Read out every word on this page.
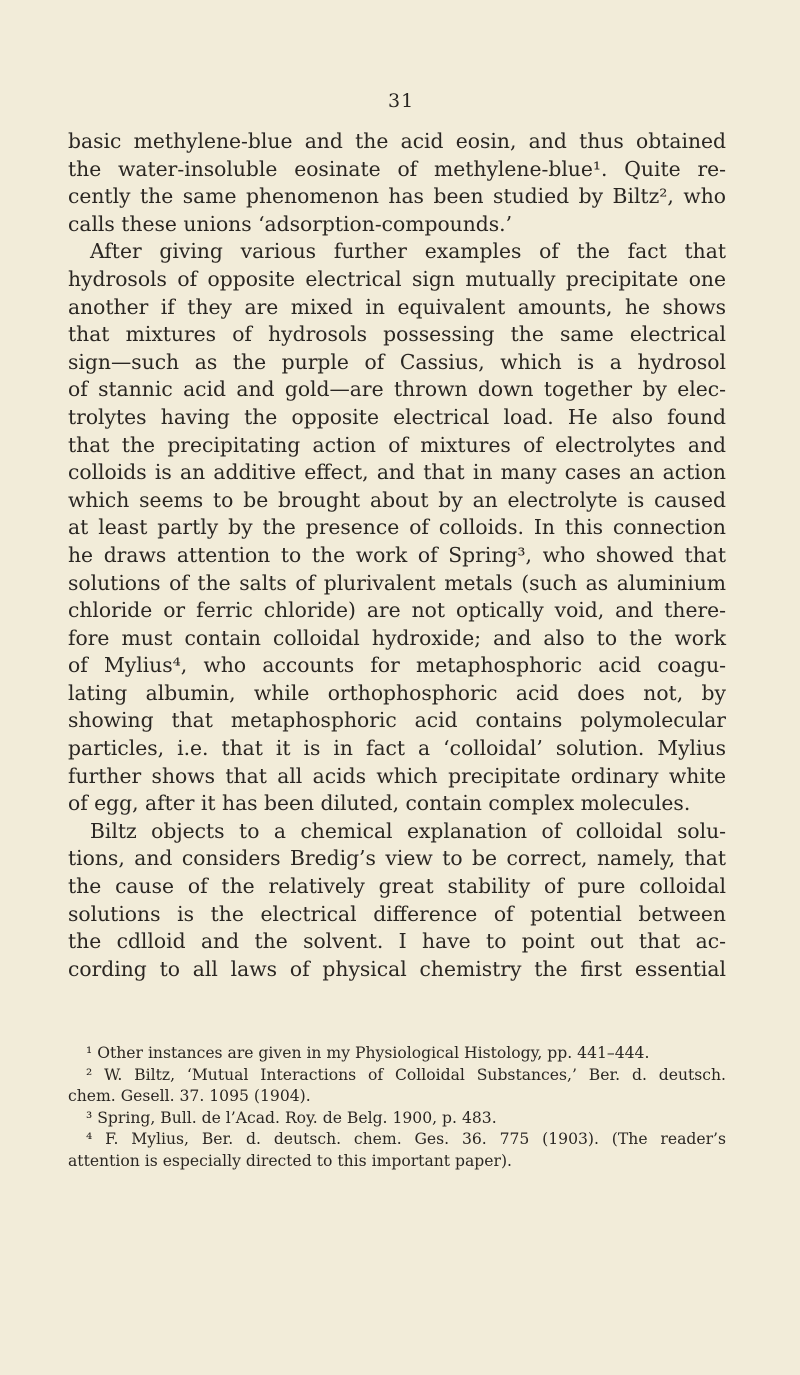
31
basic methylene-blue and the acid eosin, and thus obtained
the water-insoluble eosinate of methylene-blue¹. Quite re-
cently the same phenomenon has been studied by Biltz², who
calls these unions ‘adsorption-compounds.’
After giving various further examples of the fact that
hydrosols of opposite electrical sign mutually precipitate one
another if they are mixed in equivalent amounts, he shows
that mixtures of hydrosols possessing the same electrical
sign—such as the purple of Cassius, which is a hydrosol
of stannic acid and gold—are thrown down together by elec-
trolytes having the opposite electrical load. He also found
that the precipitating action of mixtures of electrolytes and
colloids is an additive effect, and that in many cases an action
which seems to be brought about by an electrolyte is caused
at least partly by the presence of colloids. In this connection
he draws attention to the work of Spring³, who showed that
solutions of the salts of plurivalent metals (such as aluminium
chloride or ferric chloride) are not optically void, and there-
fore must contain colloidal hydroxide; and also to the work
of Mylius⁴, who accounts for metaphosphoric acid coagu-
lating albumin, while orthophosphoric acid does not, by
showing that metaphosphoric acid contains polymolecular
particles, i.e. that it is in fact a ‘colloidal’ solution. Mylius
further shows that all acids which precipitate ordinary white
of egg, after it has been diluted, contain complex molecules.
Biltz objects to a chemical explanation of colloidal solu-
tions, and considers Bredig’s view to be correct, namely, that
the cause of the relatively great stability of pure colloidal
solutions is the electrical difference of potential between
the cdlloid and the solvent. I have to point out that ac-
cording to all laws of physical chemistry the first essential
¹ Other instances are given in my Physiological Histology, pp. 441–444.
² W. Biltz, ‘Mutual Interactions of Colloidal Substances,’ Ber. d. deutsch.
chem. Gesell. 37. 1095 (1904).
³ Spring, Bull. de l’Acad. Roy. de Belg. 1900, p. 483.
⁴ F. Mylius, Ber. d. deutsch. chem. Ges. 36. 775 (1903). (The reader’s
attention is especially directed to this important paper).
